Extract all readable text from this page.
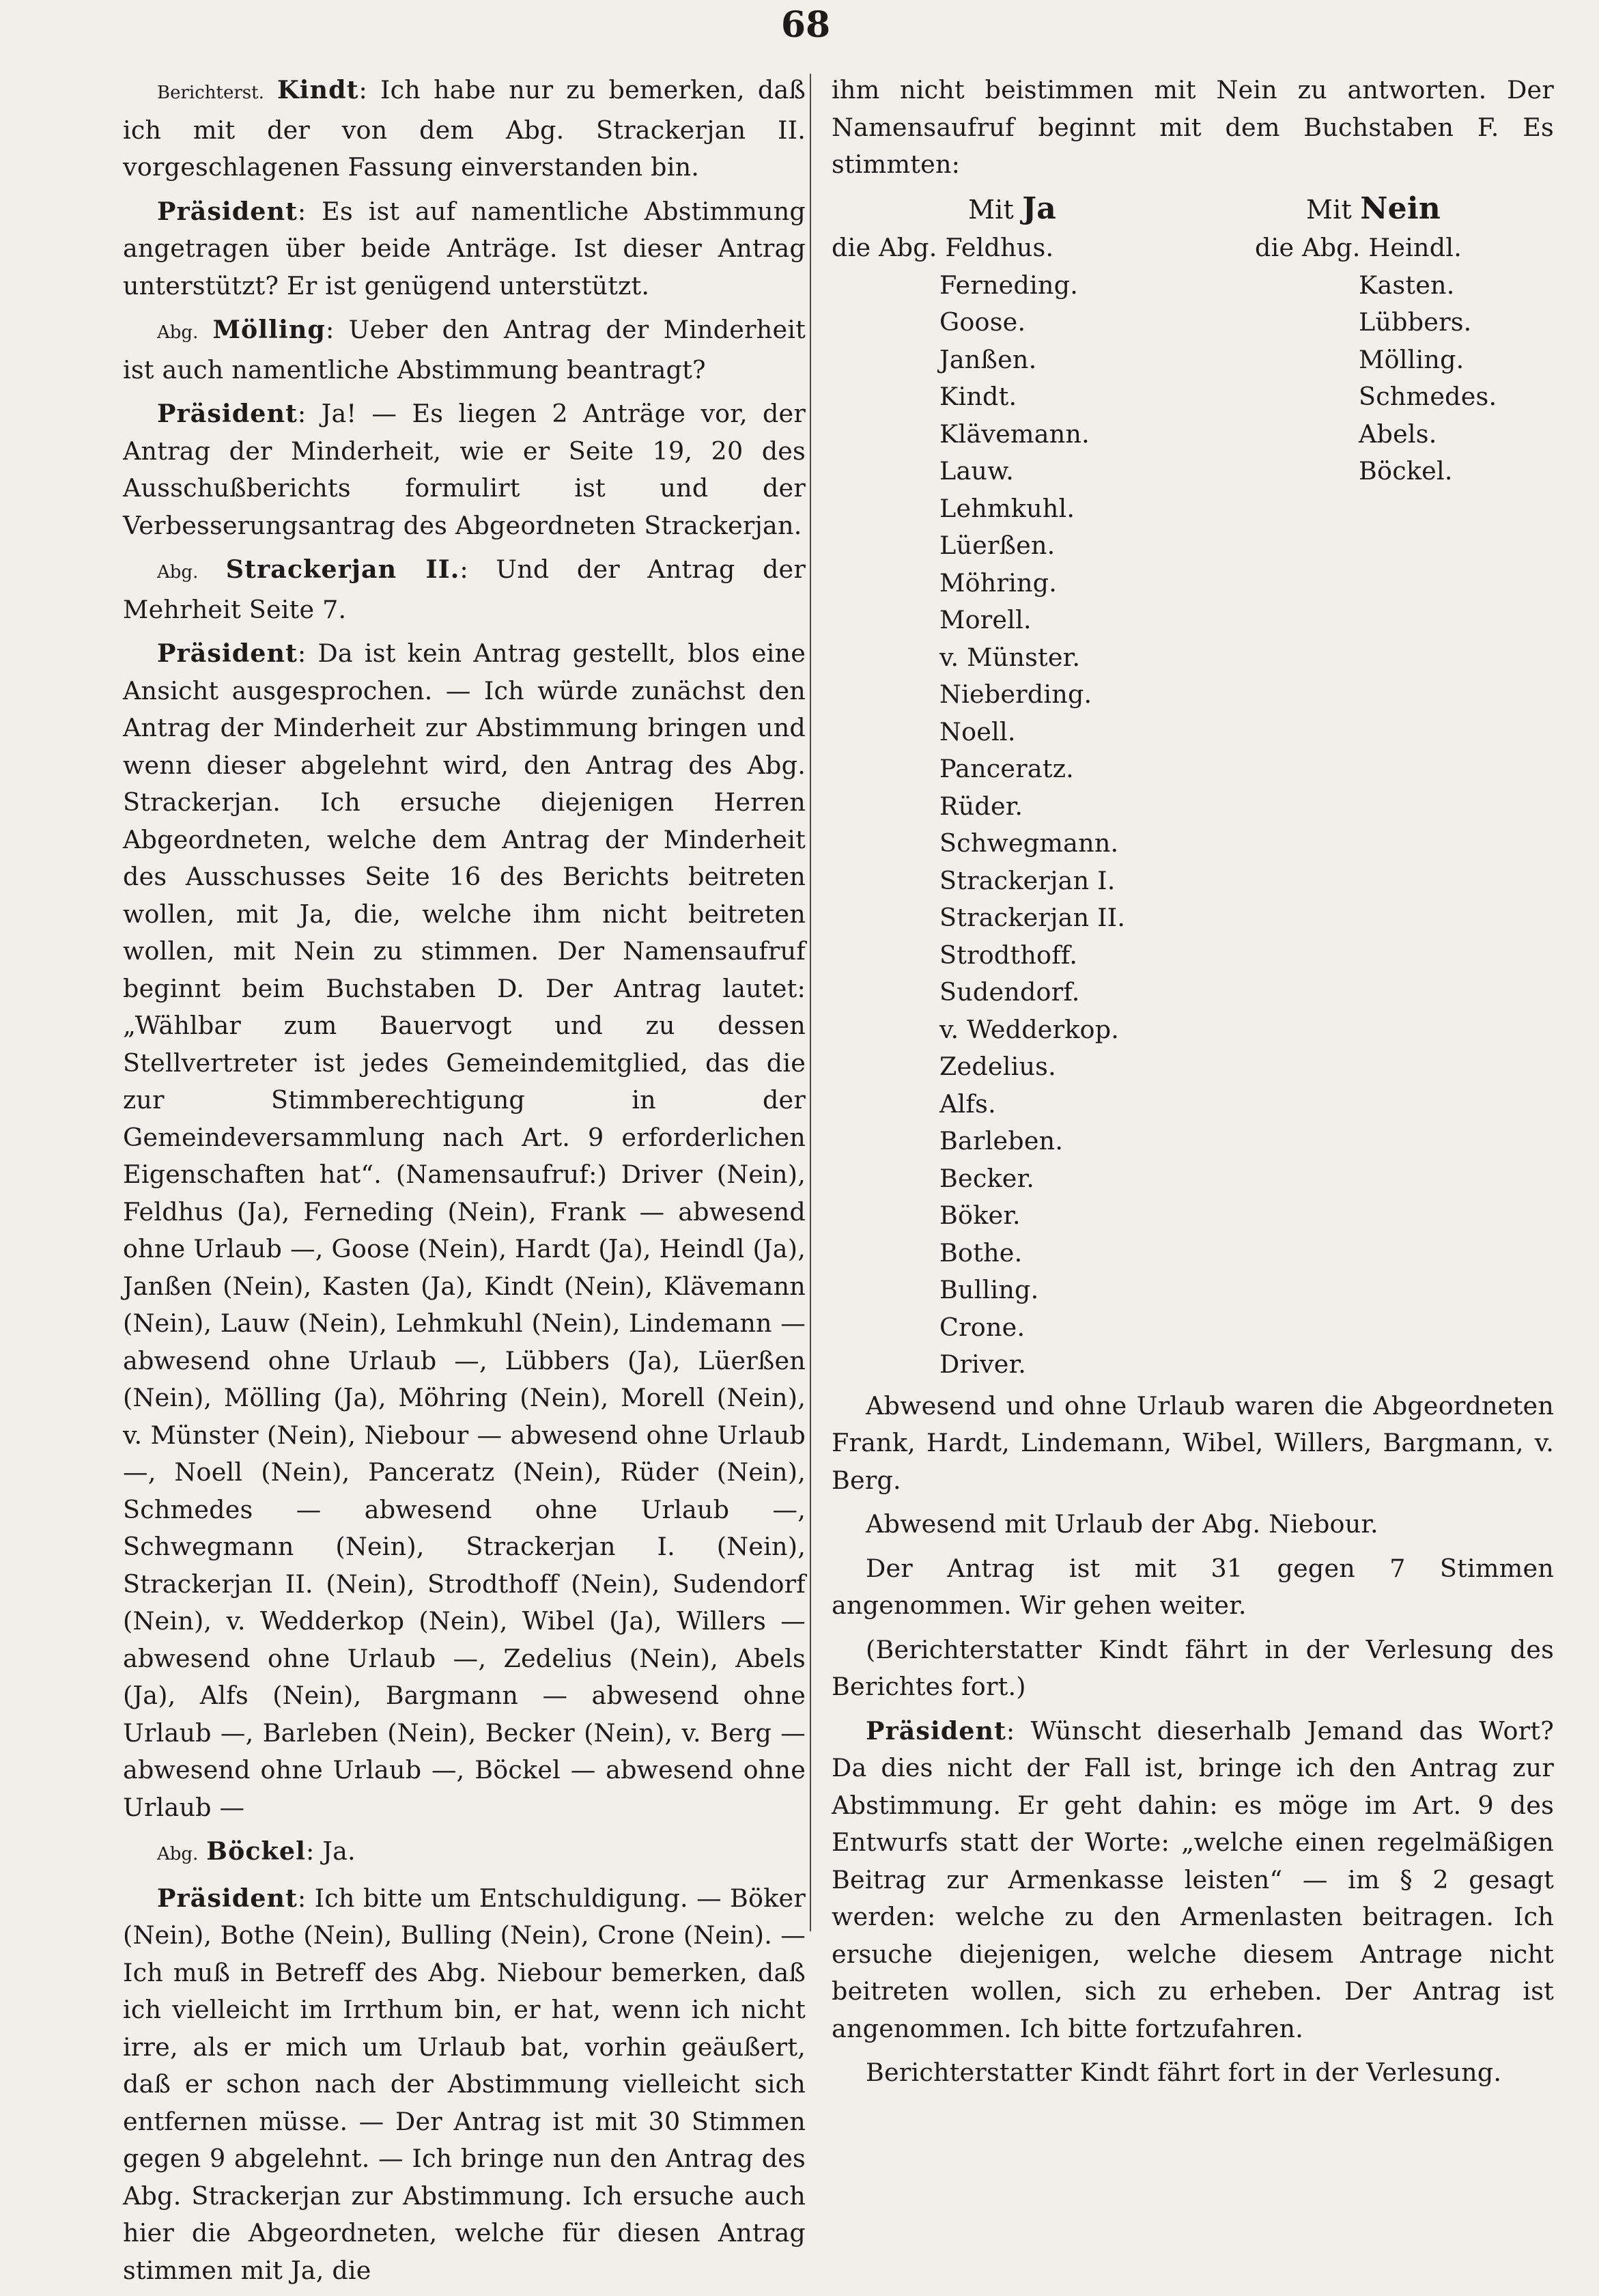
68

Berichterst. Kindt: Ich habe nur zu bemerken, daß ich mit der von dem Abg. Strackerjan II. vorgeschlagenen Fassung einverstanden bin.

Präsident: Es ist auf namentliche Abstimmung angetragen über beide Anträge. Ist dieser Antrag unterstützt? Er ist genügend unterstützt.

Abg. Mölling: Ueber den Antrag der Minderheit ist auch namentliche Abstimmung beantragt?

Präsident: Ja! — Es liegen 2 Anträge vor, der Antrag der Minderheit, wie er Seite 19, 20 des Ausschußberichts formulirt ist und der Verbesserungsantrag des Abgeordneten Strackerjan.

Abg. Strackerjan II.: Und der Antrag der Mehrheit Seite 7.

Präsident: Da ist kein Antrag gestellt, blos eine Ansicht ausgesprochen. — Ich würde zunächst den Antrag der Minderheit zur Abstimmung bringen und wenn dieser abgelehnt wird, den Antrag des Abg. Strackerjan. Ich ersuche diejenigen Herren Abgeordneten, welche dem Antrag der Minderheit des Ausschusses Seite 16 des Berichts beitreten wollen, mit Ja, die, welche ihm nicht beitreten wollen, mit Nein zu stimmen. Der Namensaufruf beginnt beim Buchstaben D. Der Antrag lautet: „Wählbar zum Bauervogt und zu dessen Stellvertreter ist jedes Gemeindemitglied, das die zur Stimmberechtigung in der Gemeindeversammlung nach Art. 9 erforderlichen Eigenschaften hat“. (Namensaufruf:) Driver (Nein), Feldhus (Ja), Ferneding (Nein), Frank — abwesend ohne Urlaub —, Goose (Nein), Hardt (Ja), Heindl (Ja), Janßen (Nein), Kasten (Ja), Kindt (Nein), Klävemann (Nein), Lauw (Nein), Lehmkuhl (Nein), Lindemann — abwesend ohne Urlaub —, Lübbers (Ja), Lüerßen (Nein), Mölling (Ja), Möhring (Nein), Morell (Nein), v. Münster (Nein), Niebour — abwesend ohne Urlaub —, Noell (Nein), Panceratz (Nein), Rüder (Nein), Schmedes — abwesend ohne Urlaub —, Schwegmann (Nein), Strackerjan I. (Nein), Strackerjan II. (Nein), Strodthoff (Nein), Sudendorf (Nein), v. Wedderkop (Nein), Wibel (Ja), Willers — abwesend ohne Urlaub —, Zedelius (Nein), Abels (Ja), Alfs (Nein), Bargmann — abwesend ohne Urlaub —, Barleben (Nein), Becker (Nein), v. Berg — abwesend ohne Urlaub —, Böckel — abwesend ohne Urlaub —

Abg. Böckel: Ja.

Präsident: Ich bitte um Entschuldigung. — Böker (Nein), Bothe (Nein), Bulling (Nein), Crone (Nein). — Ich muß in Betreff des Abg. Niebour bemerken, daß ich vielleicht im Irrthum bin, er hat, wenn ich nicht irre, als er mich um Urlaub bat, vorhin geäußert, daß er schon nach der Abstimmung vielleicht sich entfernen müsse. — Der Antrag ist mit 30 Stimmen gegen 9 abgelehnt. — Ich bringe nun den Antrag des Abg. Strackerjan zur Abstimmung. Ich ersuche auch hier die Abgeordneten, welche für diesen Antrag stimmen mit Ja, die

ihm nicht beistimmen mit Nein zu antworten. Der Namensaufruf beginnt mit dem Buchstaben F. Es stimmten:

Mit Ja	Mit Nein
die Abg. Feldhus.
Ferneding.
Goose.
Janßen.
Kindt.
Klävemann.
Lauw.
Lehmkuhl.
Lüerßen.
Möhring.
Morell.
v. Münster.
Nieberding.
Noell.
Panceratz.
Rüder.
Schwegmann.
Strackerjan I.
Strackerjan II.
Strodthoff.
Sudendorf.
v. Wedderkop.
Zedelius.
Alfs.
Barleben.
Becker.
Böker.
Bothe.
Bulling.
Crone.
Driver.
die Abg. Heindl.
Kasten.
Lübbers.
Mölling.
Schmedes.
Abels.
Böckel.

Abwesend und ohne Urlaub waren die Abgeordneten Frank, Hardt, Lindemann, Wibel, Willers, Bargmann, v. Berg.

Abwesend mit Urlaub der Abg. Niebour.

Der Antrag ist mit 31 gegen 7 Stimmen angenommen. Wir gehen weiter.

(Berichterstatter Kindt fährt in der Verlesung des Berichtes fort.)

Präsident: Wünscht dieserhalb Jemand das Wort? Da dies nicht der Fall ist, bringe ich den Antrag zur Abstimmung. Er geht dahin: es möge im Art. 9 des Entwurfs statt der Worte: „welche einen regelmäßigen Beitrag zur Armenkasse leisten“ — im § 2 gesagt werden: welche zu den Armenlasten beitragen. Ich ersuche diejenigen, welche diesem Antrage nicht beitreten wollen, sich zu erheben. Der Antrag ist angenommen. Ich bitte fortzufahren.

Berichterstatter Kindt fährt fort in der Verlesung.
